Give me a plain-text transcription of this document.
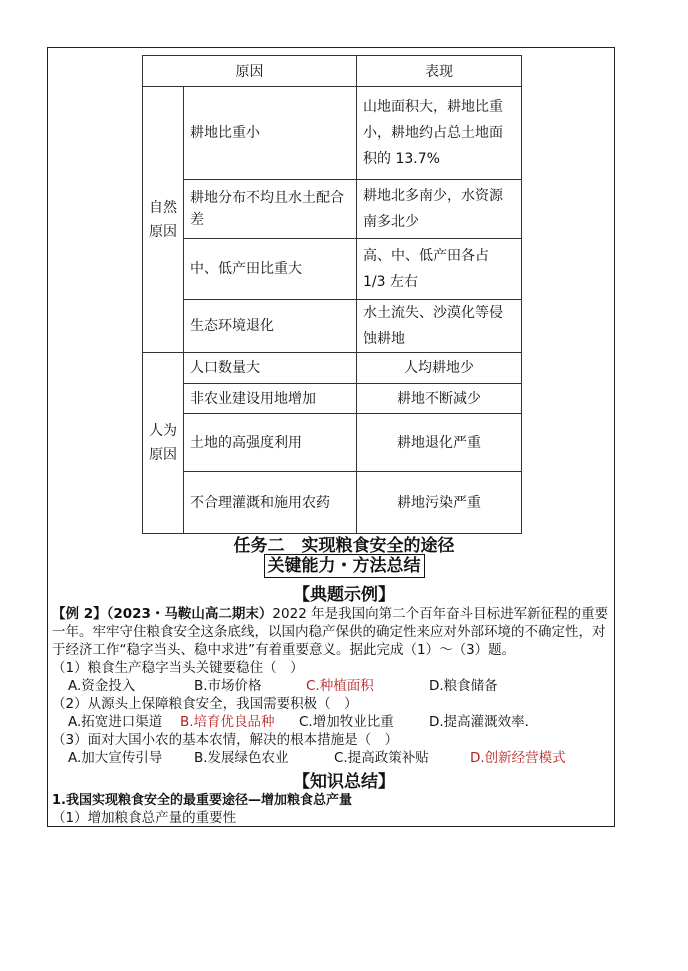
原因		表现
自然原因	耕地比重小	山地面积大，耕地比重小，耕地约占总土地面积的 13.7%
	耕地分布不均且水土配合差	耕地北多南少，水资源南多北少
	中、低产田比重大	高、中、低产田各占 1/3 左右
	生态环境退化	水土流失、沙漠化等侵蚀耕地
人为原因	人口数量大	人均耕地少
	非农业建设用地增加	耕地不断减少
	土地的高强度利用	耕地退化严重
	不合理灌溉和施用农药	耕地污染严重
任务二　实现粮食安全的途径
关键能力・方法总结
【典题示例】
【例 2】（2023・马鞍山高二期末）2022 年是我国向第二个百年奋斗目标进军新征程的重要一年。牢牢守住粮食安全这条底线，以国内稳产保供的确定性来应对外部环境的不确定性，对于经济工作“稳字当头、稳中求进”有着重要意义。据此完成（1）～（3）题。
（1）粮食生产稳字当头关键要稳住（　）
A.资金投入	B.市场价格	C.种植面积	D.粮食储备
（2）从源头上保障粮食安全，我国需要积极（　）
A.拓宽进口渠道 B.培育优良品种 C.增加牧业比重	D.提高灌溉效率.
（3）面对大国小农的基本农情，解决的根本措施是（　）
A.加大宣传引导 B.发展绿色农业	C.提高政策补贴	D.创新经营模式
【知识总结】
1.我国实现粮食安全的最重要途径—增加粮食总产量
（1）增加粮食总产量的重要性
